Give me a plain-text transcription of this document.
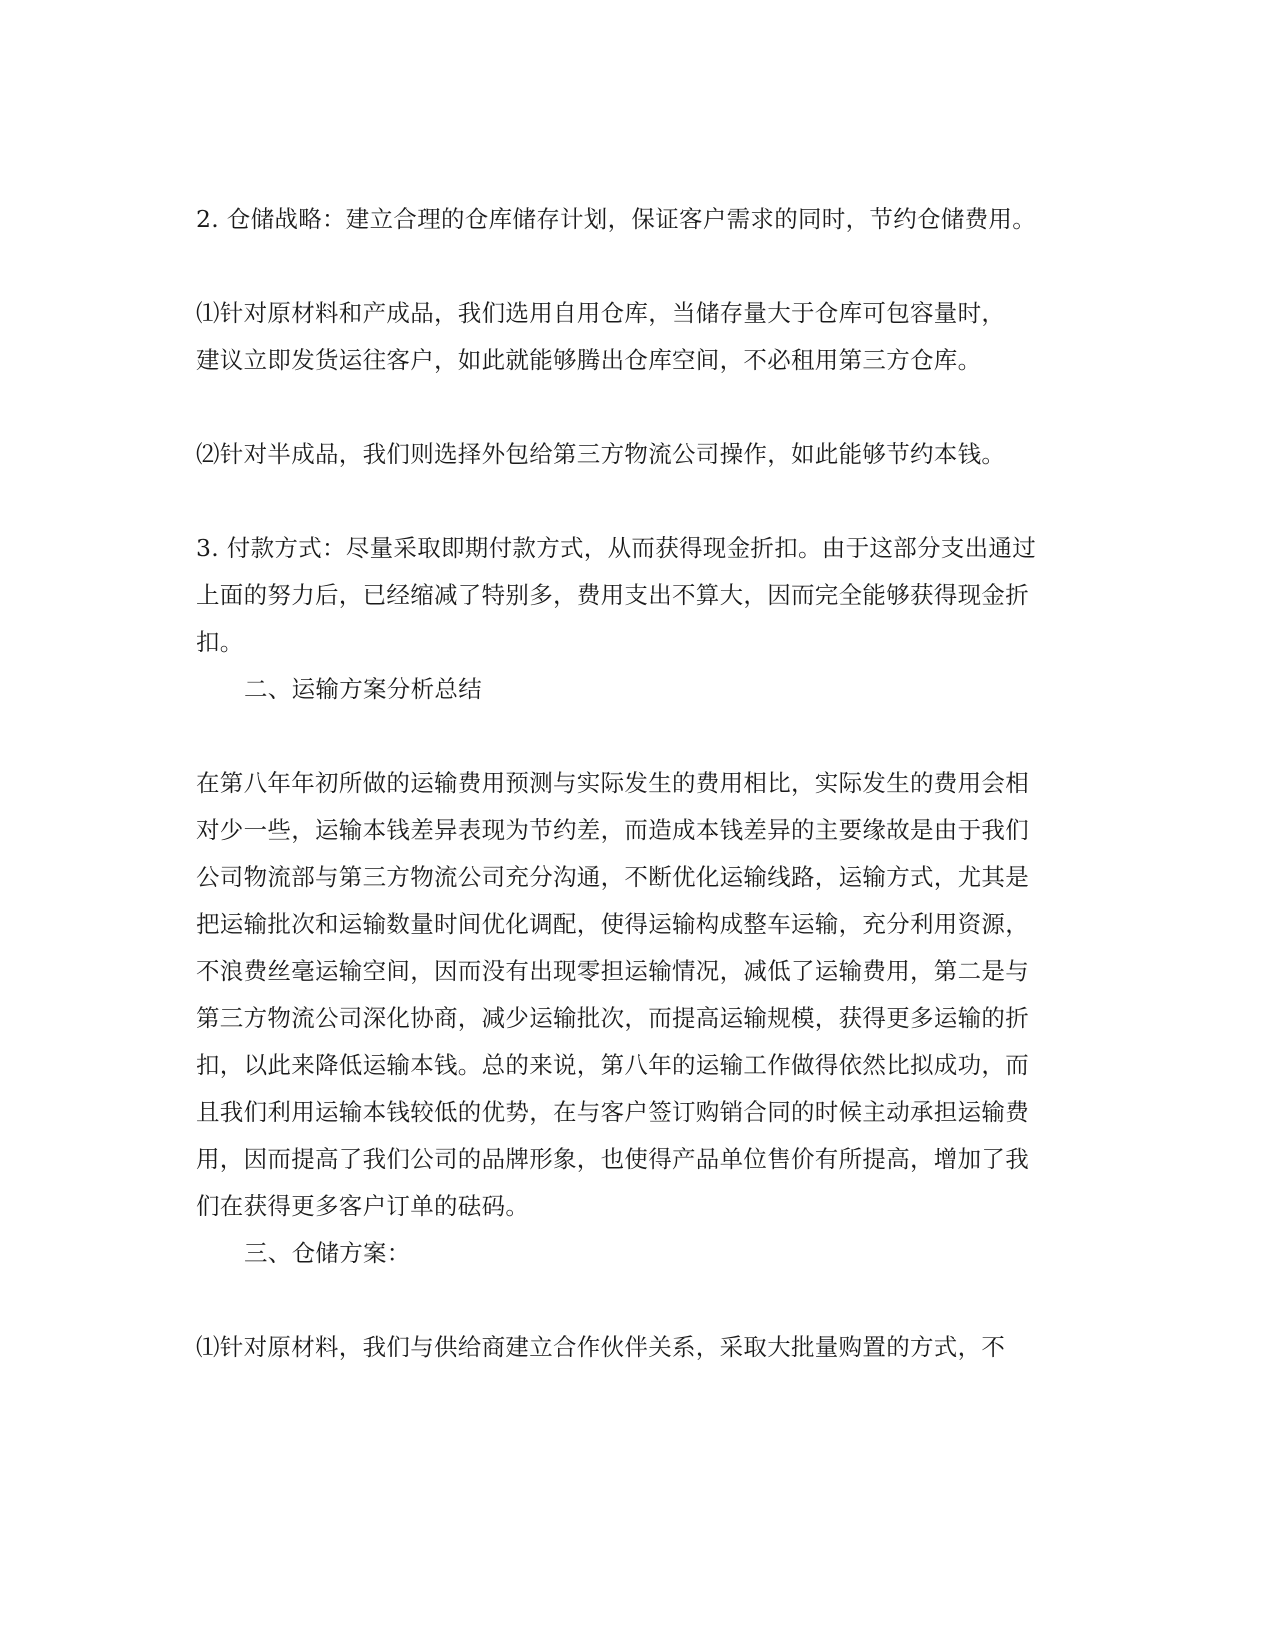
2. 仓储战略：建立合理的仓库储存计划，保证客户需求的同时，节约仓储费用。

⑴针对原材料和产成品，我们选用自用仓库，当储存量大于仓库可包容量时，

建议立即发货运往客户，如此就能够腾出仓库空间，不必租用第三方仓库。

⑵针对半成品，我们则选择外包给第三方物流公司操作，如此能够节约本钱。

3. 付款方式：尽量采取即期付款方式，从而获得现金折扣。由于这部分支出通过

上面的努力后，已经缩减了特别多，费用支出不算大，因而完全能够获得现金折

扣。

二、运输方案分析总结

在第八年年初所做的运输费用预测与实际发生的费用相比，实际发生的费用会相

对少一些，运输本钱差异表现为节约差，而造成本钱差异的主要缘故是由于我们

公司物流部与第三方物流公司充分沟通，不断优化运输线路，运输方式，尤其是

把运输批次和运输数量时间优化调配，使得运输构成整车运输，充分利用资源，

不浪费丝毫运输空间，因而没有出现零担运输情况，减低了运输费用，第二是与

第三方物流公司深化协商，减少运输批次，而提高运输规模，获得更多运输的折

扣，以此来降低运输本钱。总的来说，第八年的运输工作做得依然比拟成功，而

且我们利用运输本钱较低的优势，在与客户签订购销合同的时候主动承担运输费

用，因而提高了我们公司的品牌形象，也使得产品单位售价有所提高，增加了我

们在获得更多客户订单的砝码。

三、仓储方案：

⑴针对原材料，我们与供给商建立合作伙伴关系，采取大批量购置的方式，不
